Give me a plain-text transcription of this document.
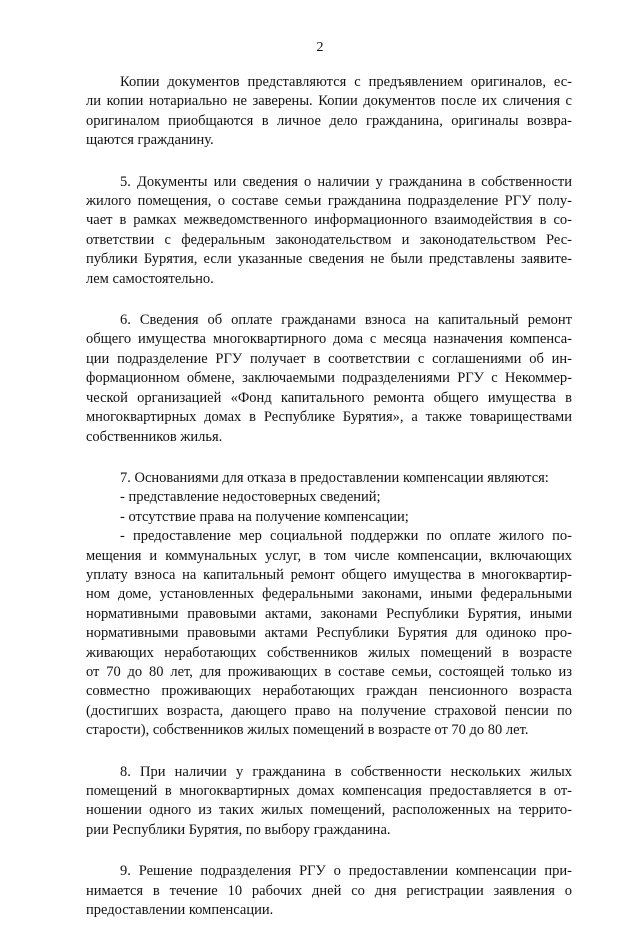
2

Копии документов представляются с предъявлением оригиналов, ес-

ли копии нотариально не заверены. Копии документов после их сличения с

оригиналом приобщаются в личное дело гражданина, оригиналы возвра-

щаются гражданину.

5. Документы или сведения о наличии у гражданина в собственности

жилого помещения, о составе семьи гражданина подразделение РГУ полу-

чает в рамках межведомственного информационного взаимодействия в со-

ответствии с федеральным законодательством и законодательством Рес-

публики Бурятия, если указанные сведения не были представлены заявите-

лем самостоятельно.

6. Сведения об оплате гражданами взноса на капитальный ремонт

общего имущества многоквартирного дома с месяца назначения компенса-

ции подразделение РГУ получает в соответствии с соглашениями об ин-

формационном обмене, заключаемыми подразделениями РГУ с Некоммер-

ческой организацией «Фонд капитального ремонта общего имущества в

многоквартирных домах в Республике Бурятия», а также товариществами

собственников жилья.

7. Основаниями для отказа в предоставлении компенсации являются:

- представление недостоверных сведений;

- отсутствие права на получение компенсации;

- предоставление мер социальной поддержки по оплате жилого по-

мещения и коммунальных услуг, в том числе компенсации, включающих

уплату взноса на капитальный ремонт общего имущества в многоквартир-

ном доме, установленных федеральными законами, иными федеральными

нормативными правовыми актами, законами Республики Бурятия, иными

нормативными правовыми актами Республики Бурятия для одиноко про-

живающих неработающих собственников жилых помещений в возрасте

от 70 до 80 лет, для проживающих в составе семьи, состоящей только из

совместно проживающих неработающих граждан пенсионного возраста

(достигших возраста, дающего право на получение страховой пенсии по

старости), собственников жилых помещений в возрасте от 70 до 80 лет.

8. При наличии у гражданина в собственности нескольких жилых

помещений в многоквартирных домах компенсация предоставляется в от-

ношении одного из таких жилых помещений, расположенных на террито-

рии Республики Бурятия, по выбору гражданина.

9. Решение подразделения РГУ о предоставлении компенсации при-

нимается в течение 10 рабочих дней со дня регистрации заявления о

предоставлении компенсации.
